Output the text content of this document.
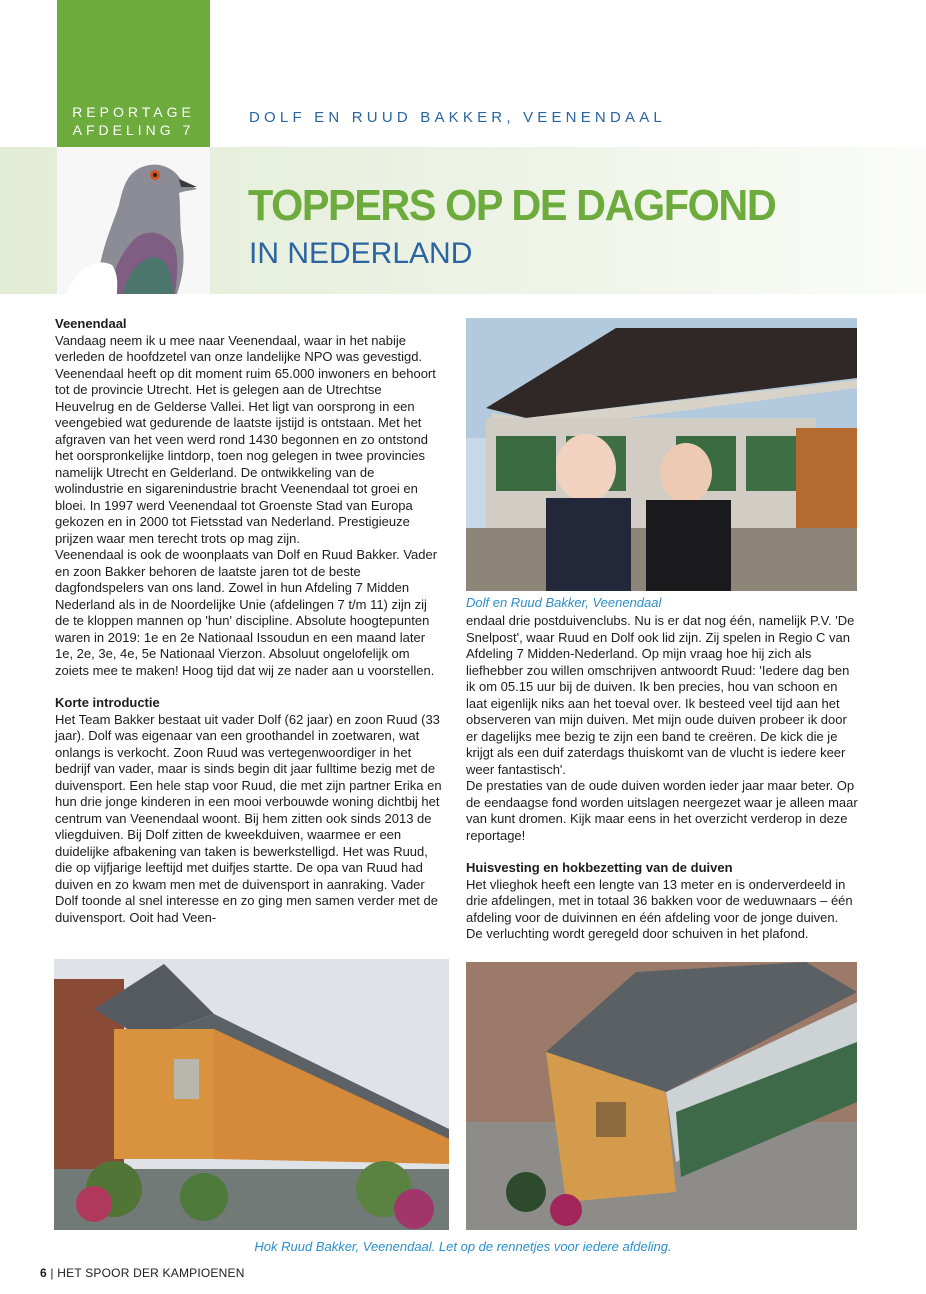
REPORTAGE
AFDELING 7
DOLF EN RUUD BAKKER, VEENENDAAL
TOPPERS OP DE DAGFOND
IN NEDERLAND
Veenendaal

Vandaag neem ik u mee naar Veenendaal, waar in het nabije verleden de hoofdzetel van onze landelijke NPO was gevestigd. Veenendaal heeft op dit moment ruim 65.000 inwoners en behoort tot de provincie Utrecht. Het is gelegen aan de Utrechtse Heuvelrug en de Gelderse Vallei. Het ligt van oorsprong in een veengebied wat gedurende de laatste ijstijd is ontstaan. Met het afgraven van het veen werd rond 1430 begonnen en zo ontstond het oorspronkelijke lintdorp, toen nog gelegen in twee provincies namelijk Utrecht en Gelderland. De ontwikkeling van de wolindustrie en sigarenindustrie bracht Veenendaal tot groei en bloei. In 1997 werd Veenendaal tot Groenste Stad van Europa gekozen en in 2000 tot Fietsstad van Nederland. Prestigieuze prijzen waar men terecht trots op mag zijn.

Veenendaal is ook de woonplaats van Dolf en Ruud Bakker. Vader en zoon Bakker behoren de laatste jaren tot de beste dagfondspelers van ons land. Zowel in hun Afdeling 7 Midden Nederland als in de Noordelijke Unie (afdelingen 7 t/m 11) zijn zij de te kloppen mannen op 'hun' discipline. Absolute hoogtepunten waren in 2019: 1e en 2e Nationaal Issoudun en een maand later 1e, 2e, 3e, 4e, 5e Nationaal Vierzon. Absoluut ongelofelijk om zoiets mee te maken! Hoog tijd dat wij ze nader aan u voorstellen.

Korte introductie

Het Team Bakker bestaat uit vader Dolf (62 jaar) en zoon Ruud (33 jaar). Dolf was eigenaar van een groothandel in zoetwaren, wat onlangs is verkocht. Zoon Ruud was vertegenwoordiger in het bedrijf van vader, maar is sinds begin dit jaar fulltime bezig met de duivensport. Een hele stap voor Ruud, die met zijn partner Erika en hun drie jonge kinderen in een mooi verbouwde woning dichtbij het centrum van Veenendaal woont. Bij hem zitten ook sinds 2013 de vliegduiven. Bij Dolf zitten de kweekduiven, waarmee er een duidelijke afbakening van taken is bewerkstelligd. Het was Ruud, die op vijfjarige leeftijd met duifjes startte. De opa van Ruud had duiven en zo kwam men met de duivensport in aanraking. Vader Dolf toonde al snel interesse en zo ging men samen verder met de duivensport. Ooit had Veen-

Dolf en Ruud Bakker, Veenendaal

endaal drie postduivenclubs. Nu is er dat nog één, namelijk P.V. 'De Snelpost', waar Ruud en Dolf ook lid zijn. Zij spelen in Regio C van Afdeling 7 Midden-Nederland. Op mijn vraag hoe hij zich als liefhebber zou willen omschrijven antwoordt Ruud: 'Iedere dag ben ik om 05.15 uur bij de duiven. Ik ben precies, hou van schoon en laat eigenlijk niks aan het toeval over. Ik besteed veel tijd aan het observeren van mijn duiven. Met mijn oude duiven probeer ik door er dagelijks mee bezig te zijn een band te creëren. De kick die je krijgt als een duif zaterdags thuiskomt van de vlucht is iedere keer weer fantastisch'.

De prestaties van de oude duiven worden ieder jaar maar beter. Op de eendaagse fond worden uitslagen neergezet waar je alleen maar van kunt dromen. Kijk maar eens in het overzicht verderop in deze reportage!

Huisvesting en hokbezetting van de duiven

Het vlieghok heeft een lengte van 13 meter en is onderverdeeld in drie afdelingen, met in totaal 36 bakken voor de weduwnaars – één afdeling voor de duivinnen en één afdeling voor de jonge duiven. De verluchting wordt geregeld door schuiven in het plafond.

Hok Ruud Bakker, Veenendaal. Let op de rennetjes voor iedere afdeling.
6 | HET SPOOR DER KAMPIOENEN
